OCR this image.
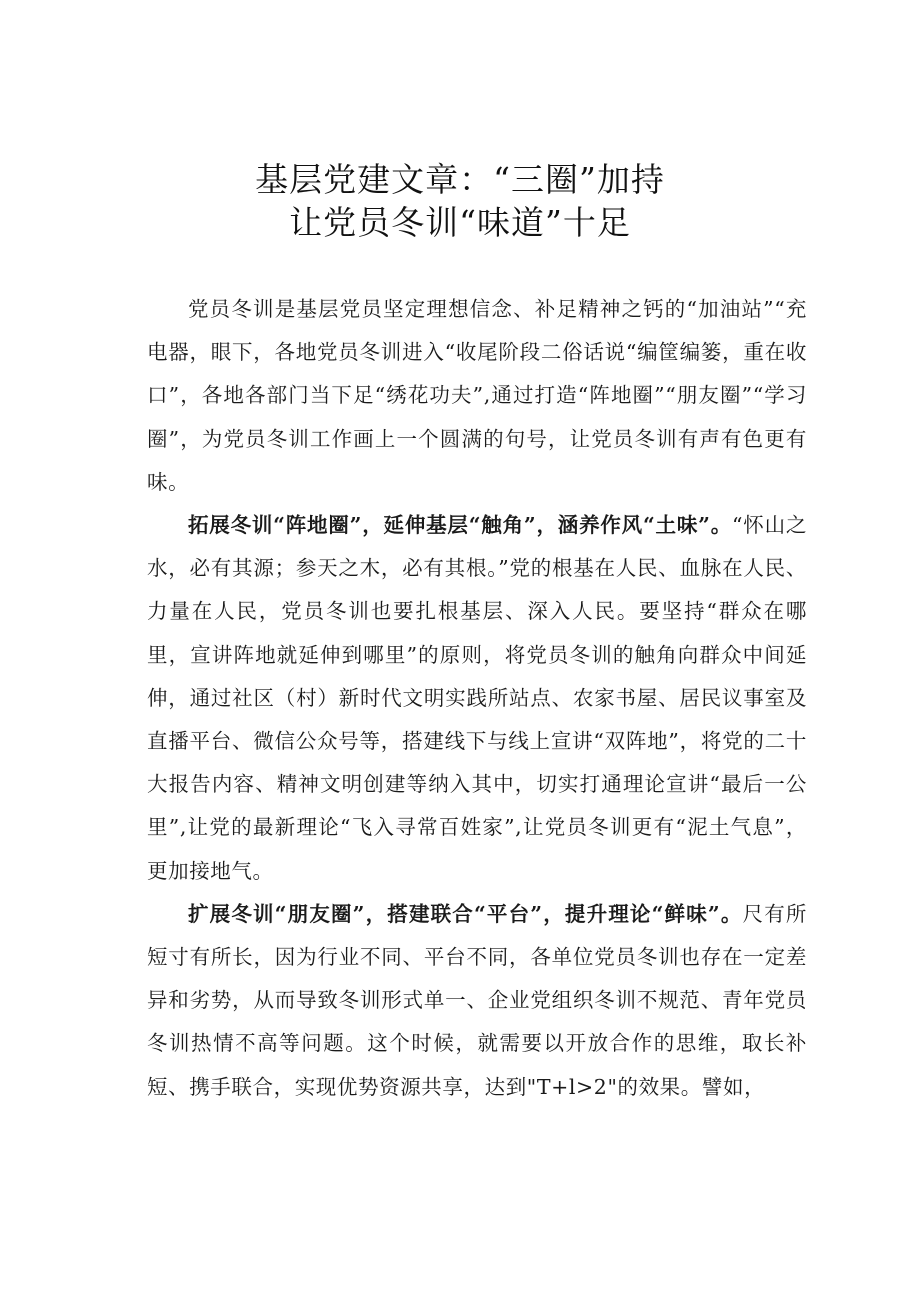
基层党建文章：“三圈”加持
让党员冬训“味道”十足

党员冬训是基层党员坚定理想信念、补足精神之钙的“加油站”“充电器，眼下，各地党员冬训进入“收尾阶段二俗话说“编筐编篓，重在收口”，各地各部门当下足“绣花功夫”,通过打造“阵地圈”“朋友圈”“学习圈”，为党员冬训工作画上一个圆满的句号，让党员冬训有声有色更有味。

拓展冬训“阵地圈”，延伸基层“触角”，涵养作风“土味”。“怀山之水，必有其源；参天之木，必有其根。”党的根基在人民、血脉在人民、力量在人民，党员冬训也要扎根基层、深入人民。要坚持“群众在哪里，宣讲阵地就延伸到哪里”的原则，将党员冬训的触角向群众中间延伸，通过社区（村）新时代文明实践所站点、农家书屋、居民议事室及直播平台、微信公众号等，搭建线下与线上宣讲“双阵地”，将党的二十大报告内容、精神文明创建等纳入其中，切实打通理论宣讲“最后一公里”,让党的最新理论“飞入寻常百姓家”,让党员冬训更有“泥土气息”，更加接地气。

扩展冬训“朋友圈”，搭建联合“平台”，提升理论“鲜味”。尺有所短寸有所长，因为行业不同、平台不同，各单位党员冬训也存在一定差异和劣势，从而导致冬训形式单一、企业党组织冬训不规范、青年党员冬训热情不高等问题。这个时候，就需要以开放合作的思维，取长补短、携手联合，实现优势资源共享，达到"T+l>2"的效果。譬如，
